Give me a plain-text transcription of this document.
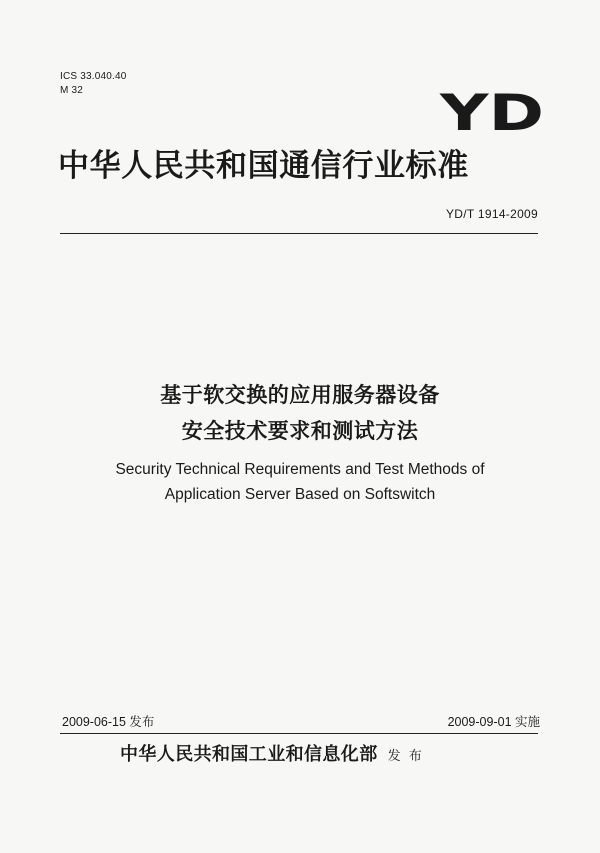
ICS 33.040.40
M 32	YD
中华人民共和国通信行业标准
YD/T 1914-2009
基于软交换的应用服务器设备
安全技术要求和测试方法
Security Technical Requirements and Test Methods of
Application Server Based on Softswitch
2009-06-15 发布	2009-09-01 实施
中华人民共和国工业和信息化部 发 布
